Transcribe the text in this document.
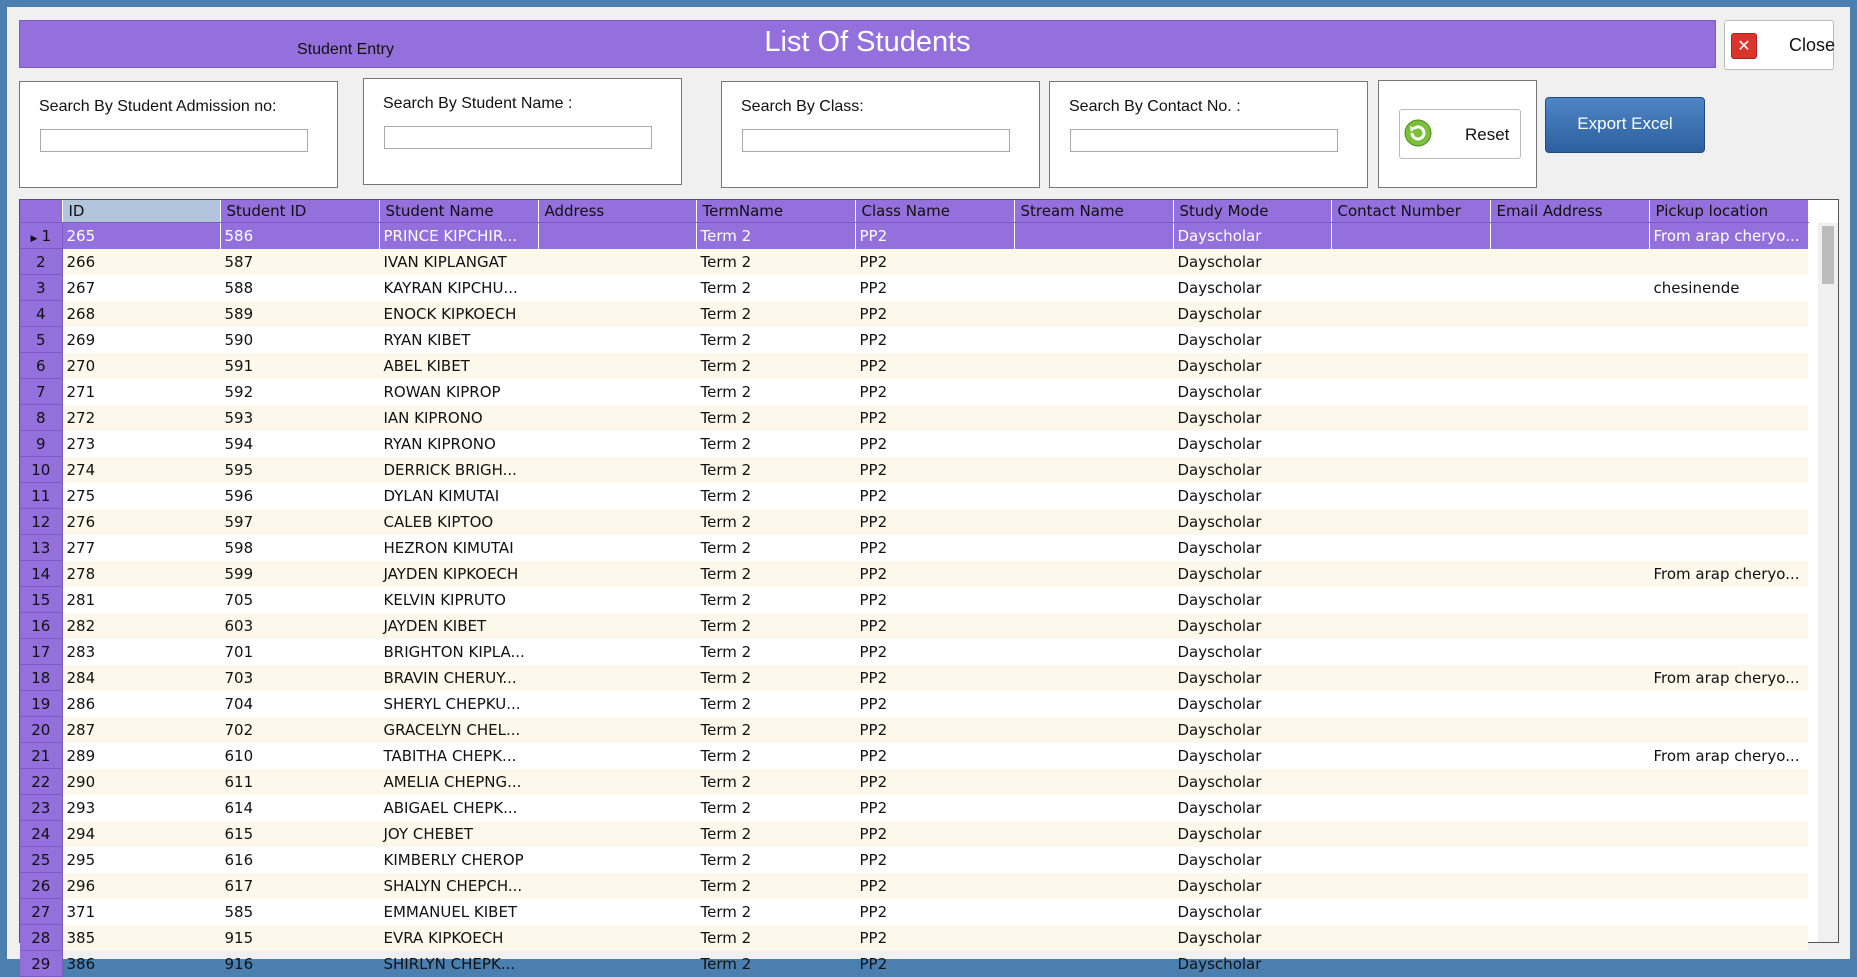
Student Entry	List Of Students	✕	Close
Search By Student Admission no:	Search By Student Name :	Search By Class:	Search By Contact No. :
Reset
Export Excel
	ID	Student ID	Student Name	Address	TermName	Class Name	Stream Name	Study Mode	Contact Number	Email Address	Pickup location
▶ 1	265	586	PRINCE KIPCHIR...		Term 2	PP2		Dayscholar			From arap cheryo...
2	266	587	IVAN KIPLANGAT		Term 2	PP2		Dayscholar			
3	267	588	KAYRAN KIPCHU...		Term 2	PP2		Dayscholar			chesinende
4	268	589	ENOCK KIPKOECH		Term 2	PP2		Dayscholar			
5	269	590	RYAN KIBET		Term 2	PP2		Dayscholar			
6	270	591	ABEL KIBET		Term 2	PP2		Dayscholar			
7	271	592	ROWAN KIPROP		Term 2	PP2		Dayscholar			
8	272	593	IAN KIPRONO		Term 2	PP2		Dayscholar			
9	273	594	RYAN KIPRONO		Term 2	PP2		Dayscholar			
10	274	595	DERRICK BRIGH...		Term 2	PP2		Dayscholar			
11	275	596	DYLAN KIMUTAI		Term 2	PP2		Dayscholar			
12	276	597	CALEB KIPTOO		Term 2	PP2		Dayscholar			
13	277	598	HEZRON KIMUTAI		Term 2	PP2		Dayscholar			
14	278	599	JAYDEN KIPKOECH		Term 2	PP2		Dayscholar			From arap cheryo...
15	281	705	KELVIN KIPRUTO		Term 2	PP2		Dayscholar			
16	282	603	JAYDEN KIBET		Term 2	PP2		Dayscholar			
17	283	701	BRIGHTON KIPLA...		Term 2	PP2		Dayscholar			
18	284	703	BRAVIN CHERUY...		Term 2	PP2		Dayscholar			From arap cheryo...
19	286	704	SHERYL CHEPKU...		Term 2	PP2		Dayscholar			
20	287	702	GRACELYN CHEL...		Term 2	PP2		Dayscholar			
21	289	610	TABITHA CHEPK...		Term 2	PP2		Dayscholar			From arap cheryo...
22	290	611	AMELIA CHEPNG...		Term 2	PP2		Dayscholar			
23	293	614	ABIGAEL CHEPK...		Term 2	PP2		Dayscholar			
24	294	615	JOY CHEBET		Term 2	PP2		Dayscholar			
25	295	616	KIMBERLY CHEROP		Term 2	PP2		Dayscholar			
26	296	617	SHALYN CHEPCH...		Term 2	PP2		Dayscholar			
27	371	585	EMMANUEL KIBET		Term 2	PP2		Dayscholar			
28	385	915	EVRA KIPKOECH		Term 2	PP2		Dayscholar			
29	386	916	SHIRLYN CHEPK...		Term 2	PP2		Dayscholar			
